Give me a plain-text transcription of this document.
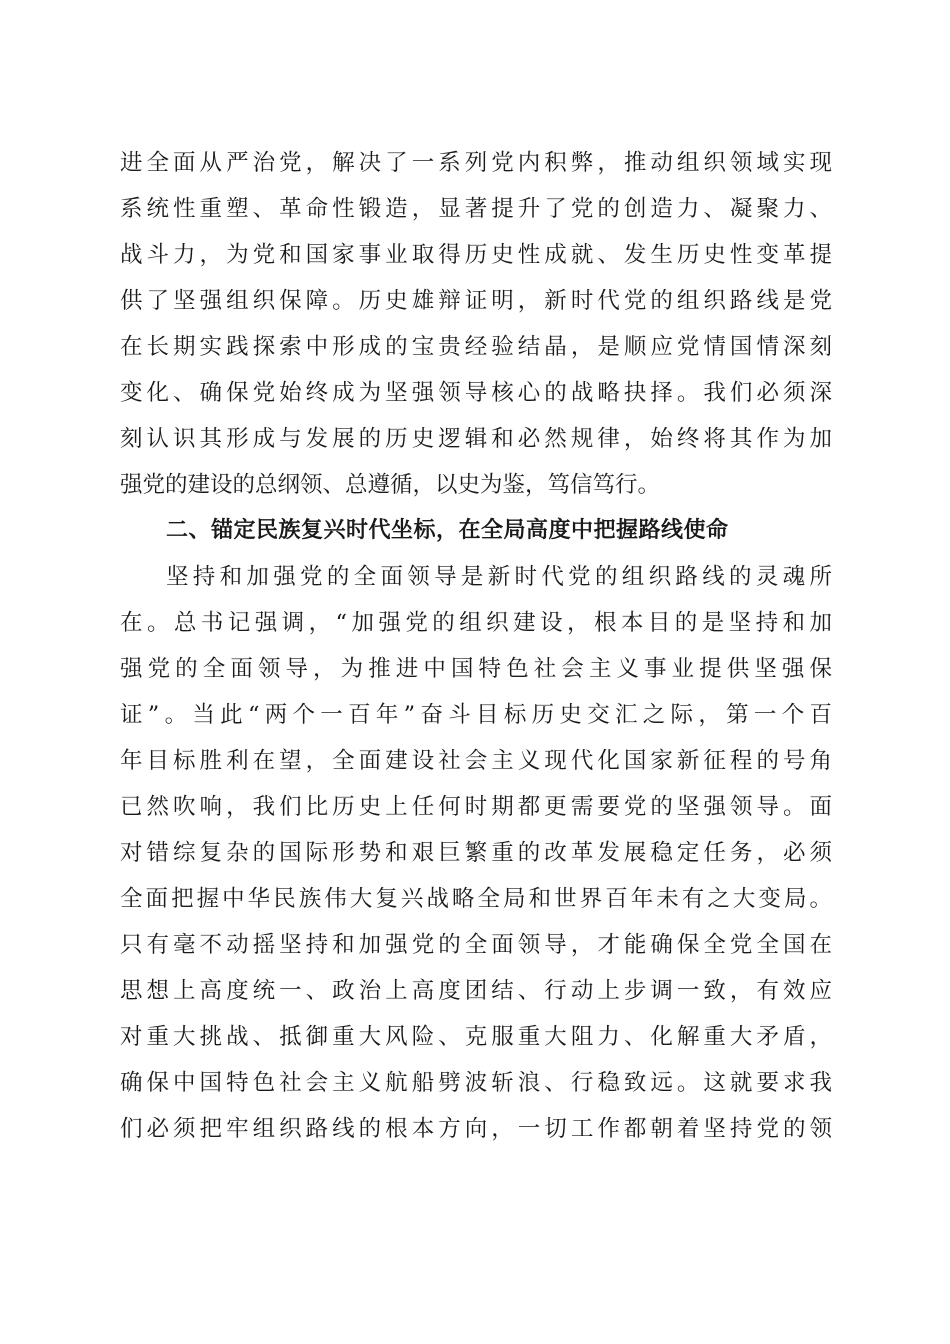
进全面从严治党，解决了一系列党内积弊，推动组织领域实现
系统性重塑、革命性锻造，显著提升了党的创造力、凝聚力、
战斗力，为党和国家事业取得历史性成就、发生历史性变革提
供了坚强组织保障。历史雄辩证明，新时代党的组织路线是党
在长期实践探索中形成的宝贵经验结晶，是顺应党情国情深刻
变化、确保党始终成为坚强领导核心的战略抉择。我们必须深
刻认识其形成与发展的历史逻辑和必然规律，始终将其作为加
强党的建设的总纲领、总遵循，以史为鉴，笃信笃行。
二、锚定民族复兴时代坐标，在全局高度中把握路线使命
坚持和加强党的全面领导是新时代党的组织路线的灵魂所
在。总书记强调，“加强党的组织建设，根本目的是坚持和加
强党的全面领导，为推进中国特色社会主义事业提供坚强保
证”。当此“两个一百年”奋斗目标历史交汇之际，第一个百
年目标胜利在望，全面建设社会主义现代化国家新征程的号角
已然吹响，我们比历史上任何时期都更需要党的坚强领导。面
对错综复杂的国际形势和艰巨繁重的改革发展稳定任务，必须
全面把握中华民族伟大复兴战略全局和世界百年未有之大变局。
只有毫不动摇坚持和加强党的全面领导，才能确保全党全国在
思想上高度统一、政治上高度团结、行动上步调一致，有效应
对重大挑战、抵御重大风险、克服重大阻力、化解重大矛盾，
确保中国特色社会主义航船劈波斩浪、行稳致远。这就要求我
们必须把牢组织路线的根本方向，一切工作都朝着坚持党的领
